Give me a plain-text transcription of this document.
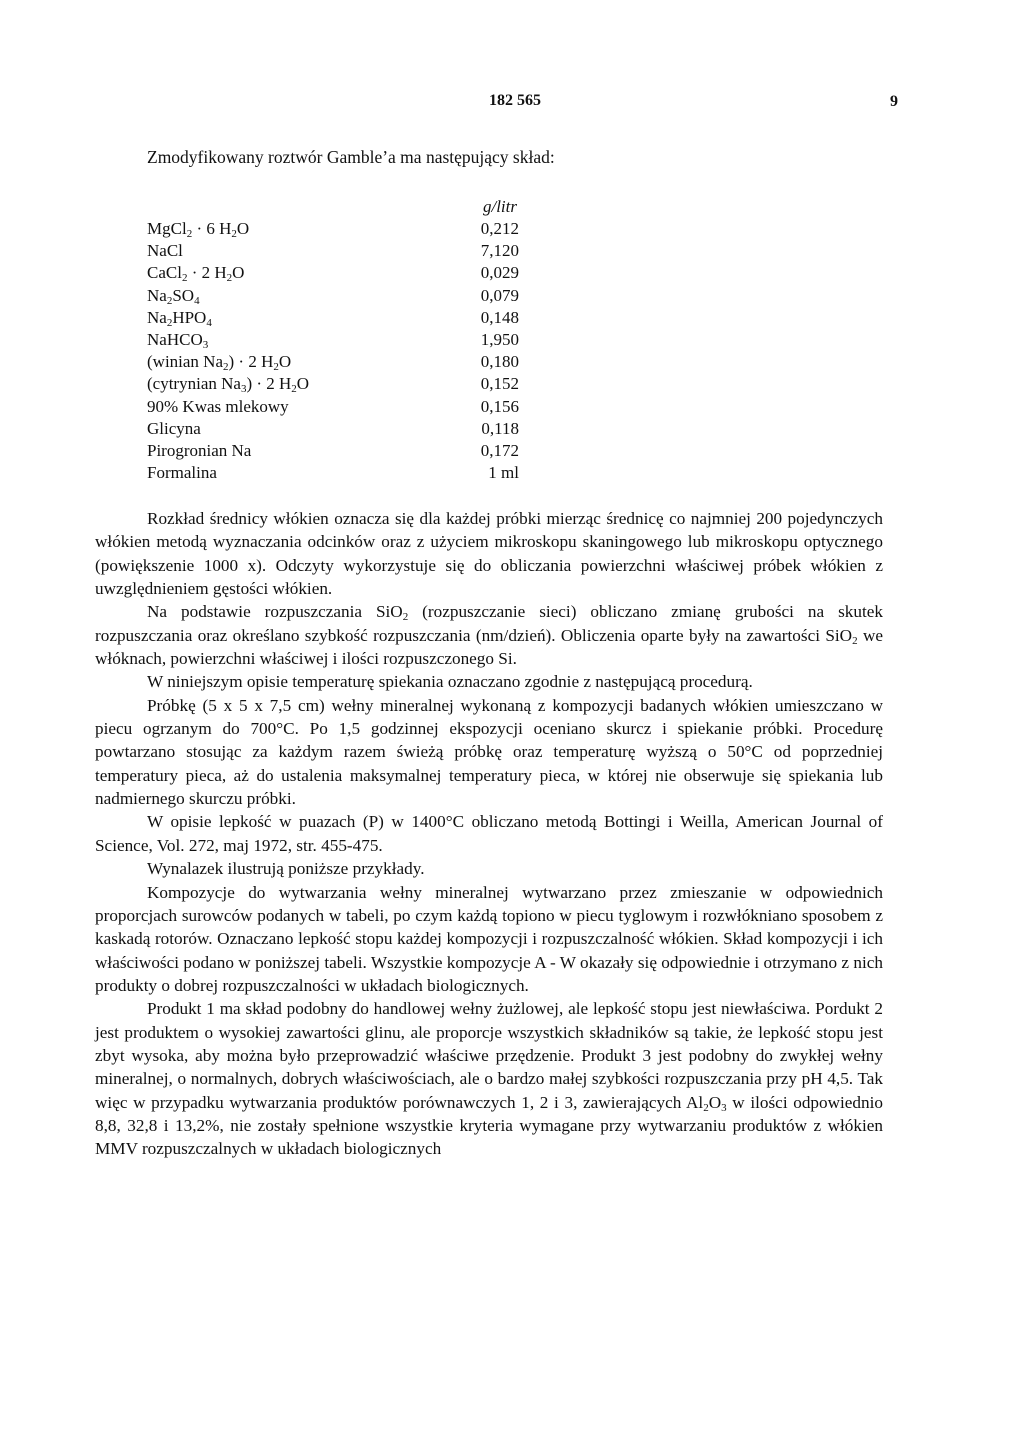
182 565	9
Zmodyfikowany roztwór Gamble’a ma następujący skład:
g/litr
MgCl$_2$ · 6 $H_2O$	0,212
NaCl	7,120
CaCl$_2$ · 2 $H_2O$	0,029
$Na_2SO_4$	0,079
$Na_2HPO_4$	0,148
NaHCO$_3$	1,950
(winian $Na_2) \cdot 2$ $H_2O$	0,180
(cytrynian $Na_3) \cdot 2$ $H_2O$	0,152
90% Kwas mlekowy	0,156
Glicyna	0,118
Pirogronian Na	0,172
Formalina	1 ml

Rozkład średnicy włókien oznacza się dla każdej próbki mierząc średnicę co najmniej 200 pojedynczych włókien metodą wyznaczania odcinków oraz z użyciem mikroskopu skaningowego lub mikroskopu optycznego (powiększenie 1000 x). Odczyty wykorzystuje się do obliczania powierzchni właściwej próbek włókien z uwzględnieniem gęstości włókien.

Na podstawie rozpuszczania SiO$_2$ (rozpuszczanie sieci) obliczano zmianę grubości na skutek rozpuszczania oraz określano szybkość rozpuszczania (nm/dzień). Obliczenia oparte były na zawartości SiO$_2$ we włóknach, powierzchni właściwej i ilości rozpuszczonego Si.

W niniejszym opisie temperaturę spiekania oznaczano zgodnie z następującą procedurą.

Próbkę (5 x 5 x 7,5 cm) wełny mineralnej wykonaną z kompozycji badanych włókien umieszczano w piecu ogrzanym do 700°C. Po 1,5 godzinnej ekspozycji oceniano skurcz i spiekanie próbki. Procedurę powtarzano stosując za każdym razem świeżą próbkę oraz temperaturę wyższą o 50°C od poprzedniej temperatury pieca, aż do ustalenia maksymalnej temperatury pieca, w której nie obserwuje się spiekania lub nadmiernego skurczu próbki.

W opisie lepkość w puazach (P) w 1400°C obliczano metodą Bottingi i Weilla, American Journal of Science, Vol. 272, maj 1972, str. 455-475.

Wynalazek ilustrują poniższe przykłady.

Kompozycje do wytwarzania wełny mineralnej wytwarzano przez zmieszanie w odpowiednich proporcjach surowców podanych w tabeli, po czym każdą topiono w piecu tyglowym i rozwłókniano sposobem z kaskadą rotorów. Oznaczano lepkość stopu każdej kompozycji i rozpuszczalność włókien. Skład kompozycji i ich właściwości podano w poniższej tabeli. Wszystkie kompozycje A - W okazały się odpowiednie i otrzymano z nich produkty o dobrej rozpuszczalności w układach biologicznych.

Produkt 1 ma skład podobny do handlowej wełny żużlowej, ale lepkość stopu jest niewłaściwa. Pordukt 2 jest produktem o wysokiej zawartości glinu, ale proporcje wszystkich składników są takie, że lepkość stopu jest zbyt wysoka, aby można było przeprowadzić właściwe przędzenie. Produkt 3 jest podobny do zwykłej wełny mineralnej, o normalnych, dobrych właściwościach, ale o bardzo małej szybkości rozpuszczania przy pH 4,5. Tak więc w przypadku wytwarzania produktów porównawczych 1, 2 i 3, zawierających $Al_2O_3$ w ilości odpowiednio 8,8, 32,8 i 13,2%, nie zostały spełnione wszystkie kryteria wymagane przy wytwarzaniu produktów z włókien MMV rozpuszczalnych w układach biologicznych
